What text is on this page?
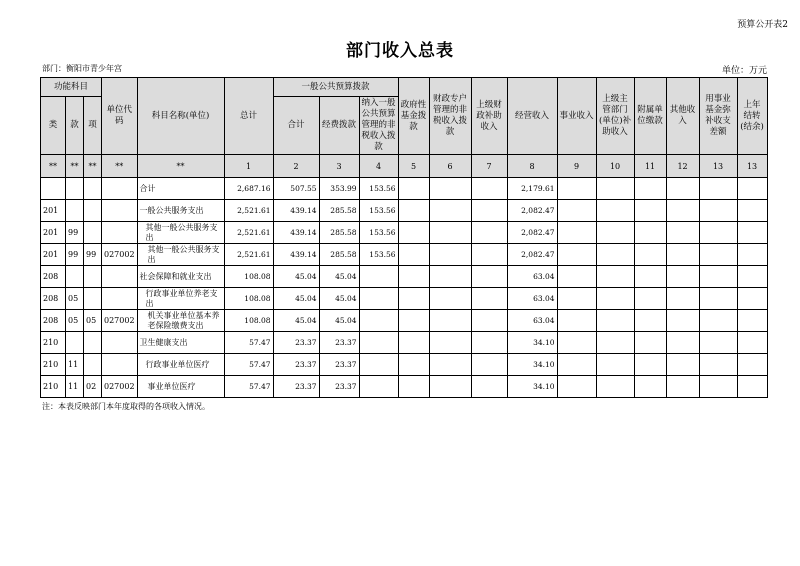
预算公开表2
部门收入总表
部门：衡阳市青少年宫	单位：万元
功能科目			单位代码	科目名称(单位)	总计	一般公共预算拨款			政府性基金拨款	财政专户管理的非税收入拨款	上级财政补助收入	经营收入	事业收入	上级主管部门(单位)补助收入	附属单位缴款	其他收入	用事业基金弥补收支差额	上年结转(结余)
类	款	项				合计	经费拨款	纳入一般公共预算管理的非税收入拨款										
**	**	**	**	**	1	2	3	4	5	6	7	8	9	10	11	12	13	13
				合计	2,687.16	507.55	353.99	153.56				2,179.61						
201				一般公共服务支出	2,521.61	439.14	285.58	153.56				2,082.47						
201	99			其他一般公共服务支出	2,521.61	439.14	285.58	153.56				2,082.47						
201	99	99	027002	其他一般公共服务支出	2,521.61	439.14	285.58	153.56				2,082.47						
208				社会保障和就业支出	108.08	45.04	45.04					63.04						
208	05			行政事业单位养老支出	108.08	45.04	45.04					63.04						
208	05	05	027002	机关事业单位基本养老保险缴费支出	108.08	45.04	45.04					63.04						
210				卫生健康支出	57.47	23.37	23.37					34.10						
210	11			行政事业单位医疗	57.47	23.37	23.37					34.10						
210	11	02	027002	事业单位医疗	57.47	23.37	23.37					34.10						
注：本表反映部门本年度取得的各项收入情况。
